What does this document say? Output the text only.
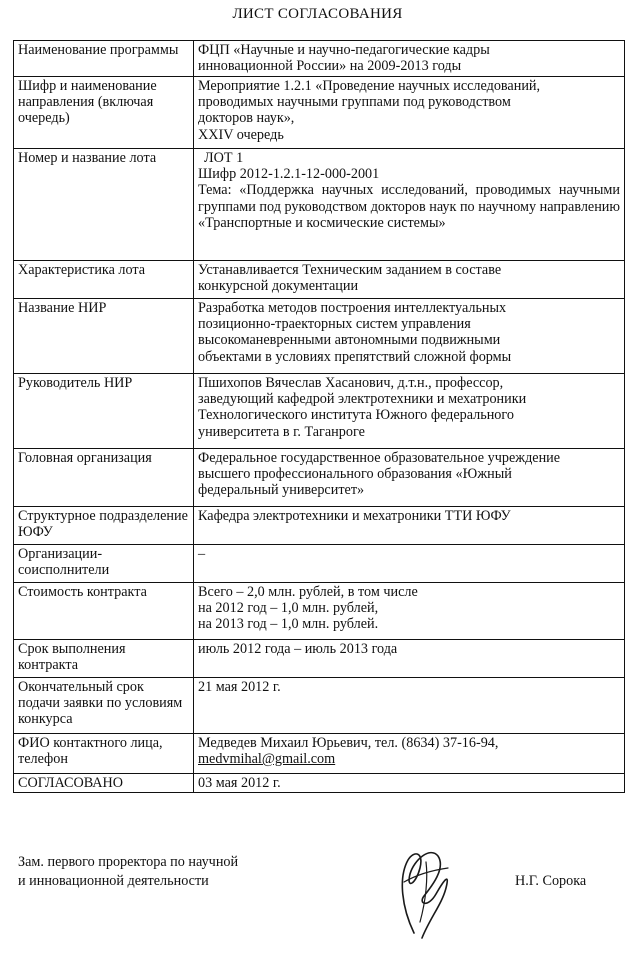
ЛИСТ СОГЛАСОВАНИЯ
Наименование программы	ФЦП «Научные и научно-педагогические кадры
инновационной России» на 2009-2013 годы

Шифр и наименование направления (включая очередь)	Мероприятие 1.2.1 «Проведение научных исследований,
проводимых научными группами под руководством
докторов наук»,
XXIV очередь

Номер и название лота	ЛОТ 1
Шифр 2012-1.2.1-12-000-2001
Тема: «Поддержка научных исследований, проводимых научными группами под руководством докторов наук по научному направлению «Транспортные и космические системы»

Характеристика лота	Устанавливается Техническим заданием в составе
конкурсной документации

Название НИР	Разработка методов построения интеллектуальных
позиционно-траекторных систем управления
высокоманевренными автономными подвижными
объектами в условиях препятствий сложной формы

Руководитель НИР	Пшихопов Вячеслав Хасанович, д.т.н., профессор,
заведующий кафедрой электротехники и мехатроники
Технологического института Южного федерального
университета в г. Таганроге

Головная организация	Федеральное государственное образовательное учреждение
высшего профессионального образования «Южный
федеральный университет»

Структурное подразделение ЮФУ	Кафедра электротехники и мехатроники ТТИ ЮФУ

Организации-соисполнители	–

Стоимость контракта	Всего – 2,0 млн. рублей, в том числе
на 2012 год – 1,0 млн. рублей,
на 2013 год – 1,0 млн. рублей.

Срок выполнения контракта	июль 2012 года – июль 2013 года

Окончательный срок подачи заявки по условиям конкурса	21 мая 2012 г.

ФИО контактного лица, телефон	Медведев Михаил Юрьевич, тел. (8634) 37-16-94,
medvmihal@gmail.com

СОГЛАСОВАНО	03 мая 2012 г.
Зам. первого проректора по научной
и инновационной деятельности	Н.Г. Сорока
